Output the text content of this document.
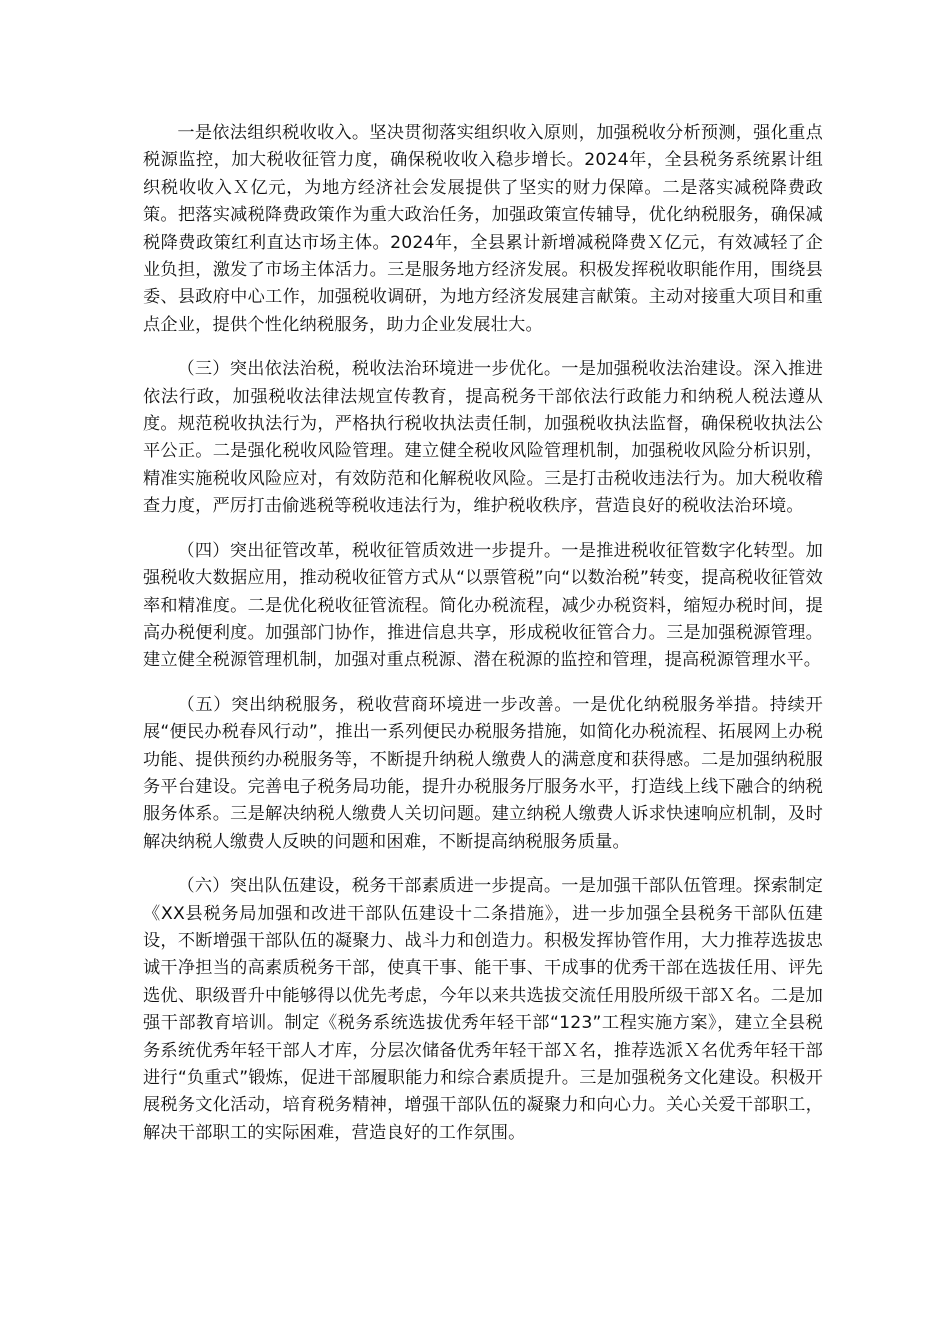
一是依法组织税收收入。坚决贯彻落实组织收入原则，加强税收分析预测，强化重点税源监控，加大税收征管力度，确保税收收入稳步增长。2024年，全县税务系统累计组织税收收入Ｘ亿元，为地方经济社会发展提供了坚实的财力保障。二是落实减税降费政策。把落实减税降费政策作为重大政治任务，加强政策宣传辅导，优化纳税服务，确保减税降费政策红利直达市场主体。2024年，全县累计新增减税降费Ｘ亿元，有效减轻了企业负担，激发了市场主体活力。三是服务地方经济发展。积极发挥税收职能作用，围绕县委、县政府中心工作，加强税收调研，为地方经济发展建言献策。主动对接重大项目和重点企业，提供个性化纳税服务，助力企业发展壮大。

（三）突出依法治税，税收法治环境进一步优化。一是加强税收法治建设。深入推进依法行政，加强税收法律法规宣传教育，提高税务干部依法行政能力和纳税人税法遵从度。规范税收执法行为，严格执行税收执法责任制，加强税收执法监督，确保税收执法公平公正。二是强化税收风险管理。建立健全税收风险管理机制，加强税收风险分析识别，精准实施税收风险应对，有效防范和化解税收风险。三是打击税收违法行为。加大税收稽查力度，严厉打击偷逃税等税收违法行为，维护税收秩序，营造良好的税收法治环境。

（四）突出征管改革，税收征管质效进一步提升。一是推进税收征管数字化转型。加强税收大数据应用，推动税收征管方式从“以票管税”向“以数治税”转变，提高税收征管效率和精准度。二是优化税收征管流程。简化办税流程，减少办税资料，缩短办税时间，提高办税便利度。加强部门协作，推进信息共享，形成税收征管合力。三是加强税源管理。建立健全税源管理机制，加强对重点税源、潜在税源的监控和管理，提高税源管理水平。

（五）突出纳税服务，税收营商环境进一步改善。一是优化纳税服务举措。持续开展“便民办税春风行动”，推出一系列便民办税服务措施，如简化办税流程、拓展网上办税功能、提供预约办税服务等，不断提升纳税人缴费人的满意度和获得感。二是加强纳税服务平台建设。完善电子税务局功能，提升办税服务厅服务水平，打造线上线下融合的纳税服务体系。三是解决纳税人缴费人关切问题。建立纳税人缴费人诉求快速响应机制，及时解决纳税人缴费人反映的问题和困难，不断提高纳税服务质量。

（六）突出队伍建设，税务干部素质进一步提高。一是加强干部队伍管理。探索制定《XX县税务局加强和改进干部队伍建设十二条措施》，进一步加强全县税务干部队伍建设，不断增强干部队伍的凝聚力、战斗力和创造力。积极发挥协管作用，大力推荐选拔忠诚干净担当的高素质税务干部，使真干事、能干事、干成事的优秀干部在选拔任用、评先选优、职级晋升中能够得以优先考虑，今年以来共选拔交流任用股所级干部Ｘ名。二是加强干部教育培训。制定《税务系统选拔优秀年轻干部“123”工程实施方案》，建立全县税务系统优秀年轻干部人才库，分层次储备优秀年轻干部Ｘ名，推荐选派Ｘ名优秀年轻干部进行“负重式”锻炼，促进干部履职能力和综合素质提升。三是加强税务文化建设。积极开展税务文化活动，培育税务精神，增强干部队伍的凝聚力和向心力。关心关爱干部职工，解决干部职工的实际困难，营造良好的工作氛围。
